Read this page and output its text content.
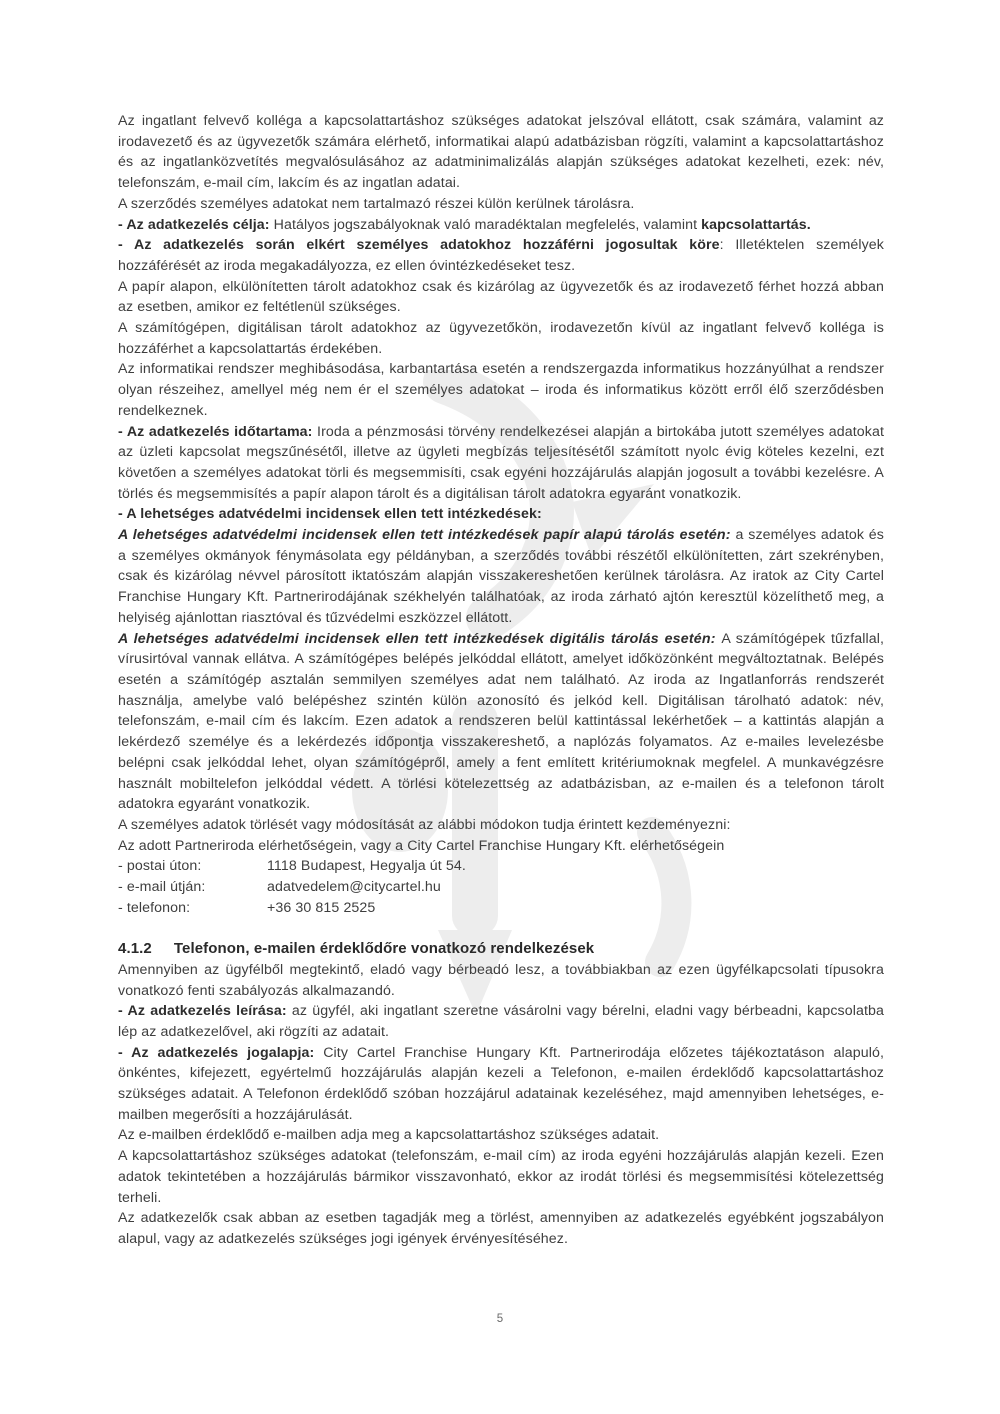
Az ingatlant felvevő kolléga a kapcsolattartáshoz szükséges adatokat jelszóval ellátott, csak számára, valamint az irodavezető és az ügyvezetők számára elérhető, informatikai alapú adatbázisban rögzíti, valamint a kapcsolattartáshoz és az ingatlanközvetítés megvalósulásához az adatminimalizálás alapján szükséges adatokat kezelheti, ezek: név, telefonszám, e-mail cím, lakcím és az ingatlan adatai.

A szerződés személyes adatokat nem tartalmazó részei külön kerülnek tárolásra.

- Az adatkezelés célja: Hatályos jogszabályoknak való maradéktalan megfelelés, valamint kapcsolattartás.

- Az adatkezelés során elkért személyes adatokhoz hozzáférni jogosultak köre: Illetéktelen személyek hozzáférését az iroda megakadályozza, ez ellen óvintézkedéseket tesz.

A papír alapon, elkülönítetten tárolt adatokhoz csak és kizárólag az ügyvezetők és az irodavezető férhet hozzá abban az esetben, amikor ez feltétlenül szükséges.

A számítógépen, digitálisan tárolt adatokhoz az ügyvezetőkön, irodavezetőn kívül az ingatlant felvevő kolléga is hozzáférhet a kapcsolattartás érdekében.

Az informatikai rendszer meghibásodása, karbantartása esetén a rendszergazda informatikus hozzányúlhat a rendszer olyan részeihez, amellyel még nem ér el személyes adatokat – iroda és informatikus között erről élő szerződésben rendelkeznek.

- Az adatkezelés időtartama: Iroda a pénzmosási törvény rendelkezései alapján a birtokába jutott személyes adatokat az üzleti kapcsolat megszűnésétől, illetve az ügyleti megbízás teljesítésétől számított nyolc évig köteles kezelni, ezt követően a személyes adatokat törli és megsemmisíti, csak egyéni hozzájárulás alapján jogosult a további kezelésre. A törlés és megsemmisítés a papír alapon tárolt és a digitálisan tárolt adatokra egyaránt vonatkozik.

- A lehetséges adatvédelmi incidensek ellen tett intézkedések:

A lehetséges adatvédelmi incidensek ellen tett intézkedések papír alapú tárolás esetén: a személyes adatok és a személyes okmányok fénymásolata egy példányban, a szerződés további részétől elkülönítetten, zárt szekrényben, csak és kizárólag névvel párosított iktatószám alapján visszakereshetően kerülnek tárolásra. Az iratok az City Cartel Franchise Hungary Kft. Partnerirodájának székhelyén találhatóak, az iroda zárható ajtón keresztül közelíthető meg, a helyiség ajánlottan riasztóval és tűzvédelmi eszközzel ellátott.

A lehetséges adatvédelmi incidensek ellen tett intézkedések digitális tárolás esetén: A számítógépek tűzfallal, vírusirtóval vannak ellátva. A számítógépes belépés jelkóddal ellátott, amelyet időközönként megváltoztatnak. Belépés esetén a számítógép asztalán semmilyen személyes adat nem található. Az iroda az Ingatlanforrás rendszerét használja, amelybe való belépéshez szintén külön azonosító és jelkód kell. Digitálisan tárolható adatok: név, telefonszám, e-mail cím és lakcím. Ezen adatok a rendszeren belül kattintással lekérhetőek – a kattintás alapján a lekérdező személye és a lekérdezés időpontja visszakereshető, a naplózás folyamatos. Az e-mailes levelezésbe belépni csak jelkóddal lehet, olyan számítógépről, amely a fent említett kritériumoknak megfelel. A munkavégzésre használt mobiltelefon jelkóddal védett. A törlési kötelezettség az adatbázisban, az e-mailen és a telefonon tárolt adatokra egyaránt vonatkozik.

A személyes adatok törlését vagy módosítását az alábbi módokon tudja érintett kezdeményezni:

Az adott Partneriroda elérhetőségein, vagy a City Cartel Franchise Hungary Kft. elérhetőségein

- postai úton:	1118 Budapest, Hegyalja út 54.
- e-mail útján:	adatvedelem@citycartel.hu
- telefonon:	+36 30 815 2525
4.1.2 Telefonon, e-mailen érdeklődőre vonatkozó rendelkezések

Amennyiben az ügyfélből megtekintő, eladó vagy bérbeadó lesz, a továbbiakban az ezen ügyfélkapcsolati típusokra vonatkozó fenti szabályozás alkalmazandó.

- Az adatkezelés leírása: az ügyfél, aki ingatlant szeretne vásárolni vagy bérelni, eladni vagy bérbeadni, kapcsolatba lép az adatkezelővel, aki rögzíti az adatait.

- Az adatkezelés jogalapja: City Cartel Franchise Hungary Kft. Partnerirodája előzetes tájékoztatáson alapuló, önkéntes, kifejezett, egyértelmű hozzájárulás alapján kezeli a Telefonon, e-mailen érdeklődő kapcsolattartáshoz szükséges adatait. A Telefonon érdeklődő szóban hozzájárul adatainak kezeléséhez, majd amennyiben lehetséges, e-mailben megerősíti a hozzájárulását.

Az e-mailben érdeklődő e-mailben adja meg a kapcsolattartáshoz szükséges adatait.

A kapcsolattartáshoz szükséges adatokat (telefonszám, e-mail cím) az iroda egyéni hozzájárulás alapján kezeli. Ezen adatok tekintetében a hozzájárulás bármikor visszavonható, ekkor az irodát törlési és megsemmisítési kötelezettség terheli.

Az adatkezelők csak abban az esetben tagadják meg a törlést, amennyiben az adatkezelés egyébként jogszabályon alapul, vagy az adatkezelés szükséges jogi igények érvényesítéséhez.

5
